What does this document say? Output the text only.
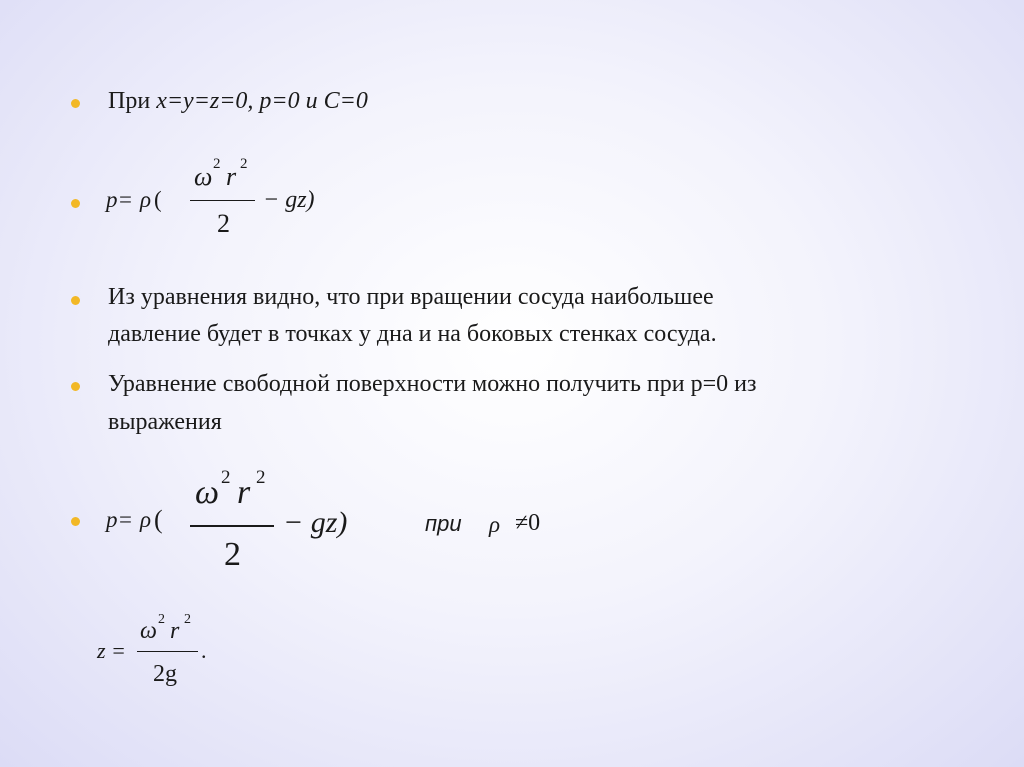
При x=y=z=0, p=0 и C=0
p= ρ (
ω 2 r 2
2
− gz)
Из уравнения видно, что при вращении сосуда наибольшее
давление будет в точках у дна и на боковых стенках сосуда.
Уравнение свободной поверхности можно получить при р=0 из
выражения
p= ρ (
ω 2 r 2
2
− gz)	при ρ ≠0
z =
ω 2 r 2
2g
.
